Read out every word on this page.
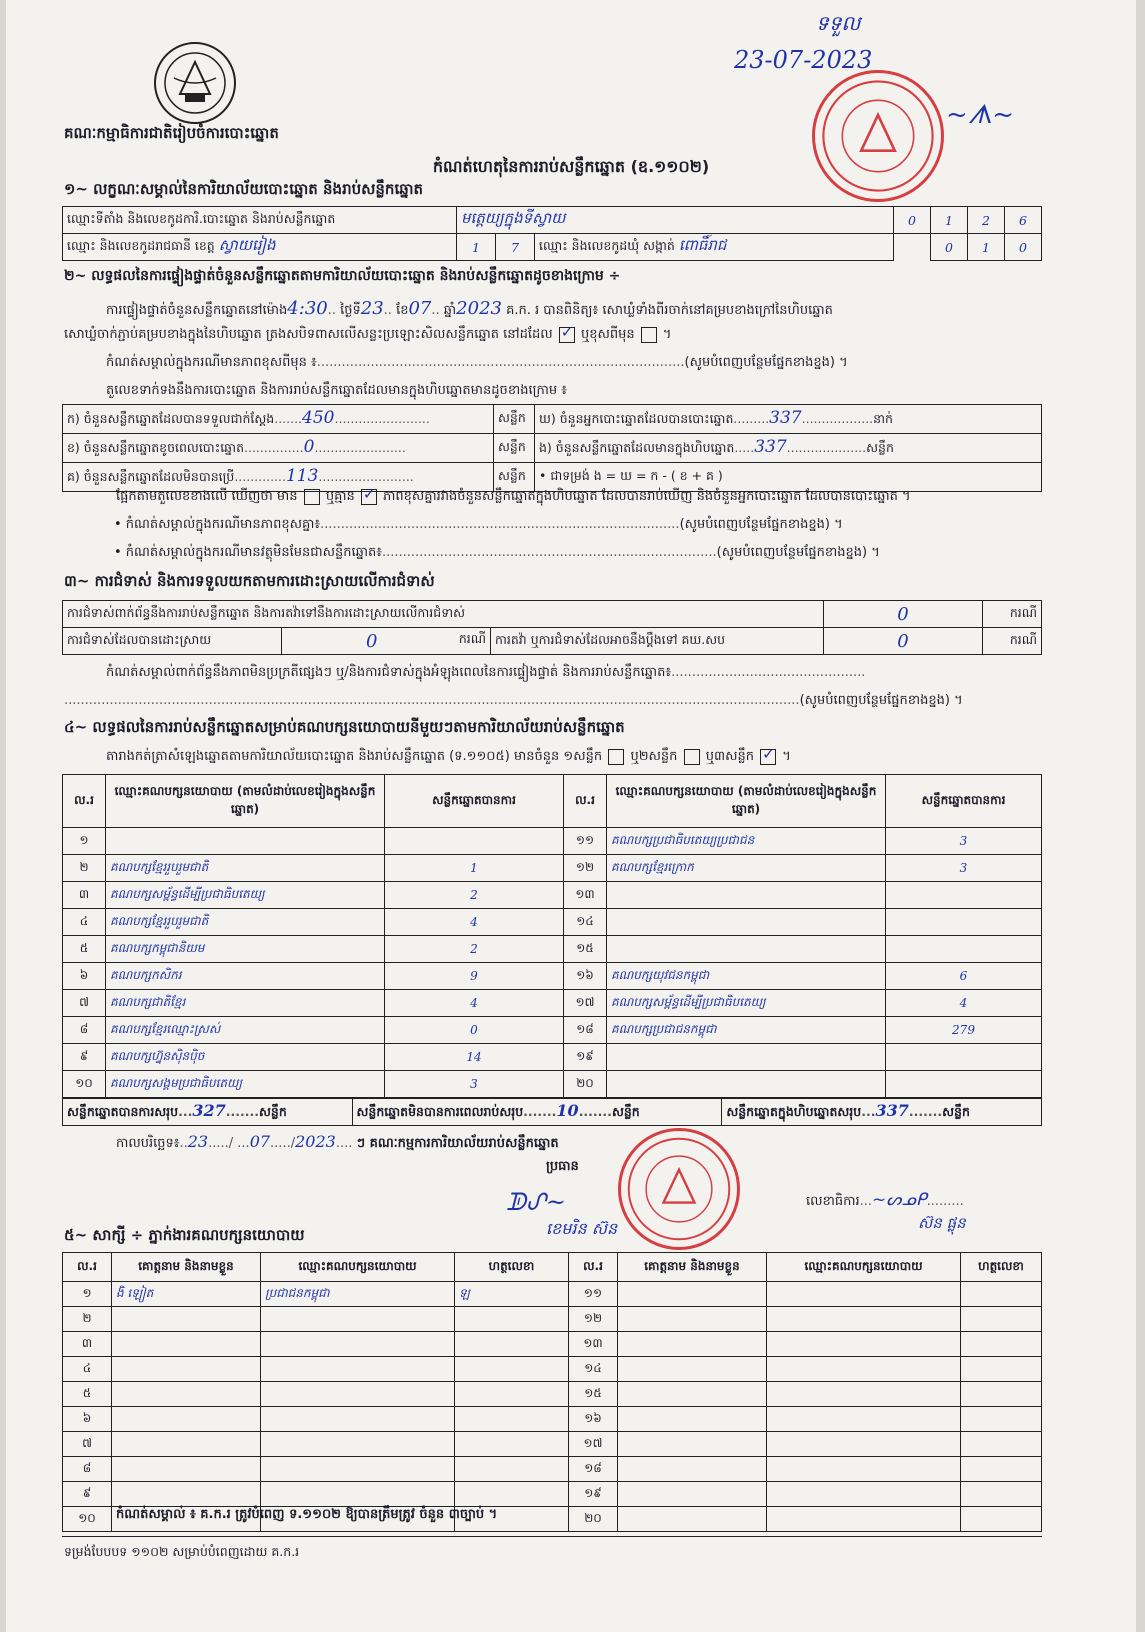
គណៈកម្មាធិការជាតិរៀបចំការបោះឆ្នោត
ទទួល
23-07-2023
~ᗑ~
កំណត់ហេតុនៃការរាប់សន្លឹកឆ្នោត (ឧ.១១០២)
១~ លក្ខណៈសម្គាល់នៃការិយាល័យបោះឆ្នោត និងរាប់សន្លឹកឆ្នោត
ឈ្មោះទីតាំង និងលេខកូដការិ.បោះឆ្នោត និងរាប់សន្លឹកឆ្នោត	មត្តេយ្យក្នុងទីស្វាយ			0	1	2	6
ឈ្មោះ និងលេខកូដរាជធានី ខេត្ត ស្វាយរៀង	1	7	ឈ្មោះ និងលេខកូដឃុំ សង្កាត់ ពោធិ៍រាជ		0	1	0
២~ លទ្ធផលនៃការផ្ទៀងផ្ទាត់ចំនួនសន្លឹកឆ្នោតតាមការិយាល័យបោះឆ្នោត និងរាប់សន្លឹកឆ្នោតដូចខាងក្រោម ÷
ការផ្ទៀងផ្ទាត់ចំនួនសន្លឹកឆ្នោតនៅម៉ោង4:30.. ថ្ងៃទី23.. ខែ07.. ឆ្នាំ2023 គ.ក. រ បានពិនិត្យ៖ សោឃ្លំទាំងពីរចាក់នៅគម្របខាងក្រៅនៃហិបឆ្នោត
សោឃ្លំចាក់ភ្ជាប់គម្របខាងក្នុងនៃហិបឆ្នោត ត្រងសបិទពាសលើសន្លះប្រឡោះសិលសន្លឹកឆ្នោត នៅដដែល ✓ ឬខុសពីមុន  ។
កំណត់សម្គាល់ក្នុងករណីមានភាពខុសពីមុន ៖.........................................................................................(សូមបំពេញបន្ថែមផ្នែកខាងខ្នង) ។
តួលេខទាក់ទងនឹងការបោះឆ្នោត និងការរាប់សន្លឹកឆ្នោតដែលមានក្នុងហិបឆ្នោតមានដូចខាងក្រោម ៖
ក) ចំនួនសន្លឹកឆ្នោតដែលបានទទួលជាក់ស្តែង.......450........................	សន្លឹក	ឃ) ចំនួនអ្នកបោះឆ្នោតដែលបានបោះឆ្នោត.........337..................នាក់
ខ) ចំនួនសន្លឹកឆ្នោតខូចពេលបោះឆ្នោត...............0.......................	សន្លឹក	ង) ចំនួនសន្លឹកឆ្នោតដែលមានក្នុងហិបឆ្នោត.....337....................សន្លឹក
គ) ចំនួនសន្លឹកឆ្នោតដែលមិនបានប្រើ.............113........................	សន្លឹក	• ជាទម្រង់ ង = ឃ = ក - ( ខ + គ )
ផ្អែកតាមតួលេខខាងលើ ឃើញថា មាន ឬគ្មាន ✓ ភាពខុសគ្នារវាងចំនួនសន្លឹកឆ្នោតក្នុងហិបឆ្នោត ដែលបានរាប់ឃើញ និងចំនួនអ្នកបោះឆ្នោត ដែលបានបោះឆ្នោត ។
• កំណត់សម្គាល់ក្នុងករណីមានភាពខុសគ្នា៖.......................................................................................(សូមបំពេញបន្ថែមផ្នែកខាងខ្នង) ។
• កំណត់សម្គាល់ក្នុងករណីមានវត្ថុមិនមែនជាសន្លឹកឆ្នោត៖.................................................................................(សូមបំពេញបន្ថែមផ្នែកខាងខ្នង) ។
៣~ ការជំទាស់ និងការទទួលយកតាមការដោះស្រាយលើការជំទាស់
ការជំទាស់ពាក់ព័ន្ធនឹងការរាប់សន្លឹកឆ្នោត និងការតវ៉ាទៅនឹងការដោះស្រាយលើការជំទាស់			0	ករណី
ការជំទាស់ដែលបានដោះស្រាយ	0 ករណី	ការតវ៉ា ឬការជំទាស់ដែលអាចនឹងប្តឹងទៅ គឃ.សប	0	ករណី
កំណត់សម្គាល់ពាក់ព័ន្ធនឹងភាពមិនប្រក្រតីផ្សេងៗ ឬ/និងការជំទាស់ក្នុងអំឡុងពេលនៃការផ្ទៀងផ្ទាត់ និងការរាប់សន្លឹកឆ្នោត៖...............................................
..................................................................................................................................................................................(សូមបំពេញបន្ថែមផ្នែកខាងខ្នង) ។
៤~ លទ្ធផលនៃការរាប់សន្លឹកឆ្នោតសម្រាប់គណបក្សនយោបាយនីមួយៗតាមការិយាល័យរាប់សន្លឹកឆ្នោត
តារាងកត់ត្រាសំឡេងឆ្នោតតាមការិយាល័យបោះឆ្នោត និងរាប់សន្លឹកឆ្នោត (ទ.១១០៥) មានចំនួន ១សន្លឹក ឬ២សន្លឹក ឬ៣សន្លឹក ✓ ។
ល.រ	ឈ្មោះគណបក្សនយោបាយ (តាមលំដាប់លេខរៀងក្នុងសន្លឹកឆ្នោត)	សន្លឹកឆ្នោតបានការ	ល.រ	ឈ្មោះគណបក្សនយោបាយ (តាមលំដាប់លេខរៀងក្នុងសន្លឹកឆ្នោត)	សន្លឹកឆ្នោតបានការ
១			១១	គណបក្សប្រជាធិបតេយ្យប្រជាជន	3
២	គណបក្សខ្មែររួបរួមជាតិ	1	១២	គណបក្សខ្មែរក្រោក	3
៣	គណបក្សសម្ព័ន្ធដើម្បីប្រជាធិបតេយ្យ	2	១៣		
៤	គណបក្សខ្មែររួបរួមជាតិ	4	១៤		
៥	គណបក្សកម្ពុជានិយម	2	១៥		
៦	គណបក្សកសិករ	9	១៦	គណបក្សយុវជនកម្ពុជា	6
៧	គណបក្សជាតិខ្មែរ	4	១៧	គណបក្សសម្ព័ន្ធដើម្បីប្រជាធិបតេយ្យ	4
៨	គណបក្សខ្មែរឈ្មោះស្រស់	0	១៨	គណបក្សប្រជាជនកម្ពុជា	279
៩	គណបក្សហ្វ៊ុនស៊ិនប៉ិច	14	១៩		
១០	គណបក្សសង្គមប្រជាធិបតេយ្យ	3	២០		
សន្លឹកឆ្នោតបានការសរុប...327.......សន្លឹក	សន្លឹកឆ្នោតមិនបានការពេលរាប់សរុប.......10.......សន្លឹក	សន្លឹកឆ្នោតក្នុងហិបឆ្នោតសរុប...337.......សន្លឹក
កាលបរិច្ឆេទ៖..23...../ ...07...../2023.... ៗ គណៈកម្មការការិយាល័យរាប់សន្លឹកឆ្នោត
ប្រធាន
ᗫᔑ~
ខេមរិន ស៊ន
លេខាធិការ...~ᔕᓄᑭ.........
ស៊ន ផ្លុន
៥~ សាក្សី ÷ ភ្នាក់ងារគណបក្សនយោបាយ
ល.រ	គោត្តនាម និងនាមខ្លួន	ឈ្មោះគណបក្សនយោបាយ	ហត្ថលេខា	ល.រ	គោត្តនាម និងនាមខ្លួន	ឈ្មោះគណបក្សនយោបាយ	ហត្ថលេខា
១	ងិ ឡៀត	ប្រជាជនកម្ពុជា	ឡ	១១			
២				១២			
៣				១៣			
៤				១៤			
៥				១៥			
៦				១៦			
៧				១៧			
៨				១៨			
៩				១៩			
១០				២០			
កំណត់សម្គាល់ ៖ គ.ក.រ ត្រូវបំពេញ ទ.១១០២ ឱ្យបានត្រឹមត្រូវ ចំនួន ៣ច្បាប់ ។
ទម្រង់បែបបទ ១១០២ សម្រាប់បំពេញដោយ គ.ក.រ
